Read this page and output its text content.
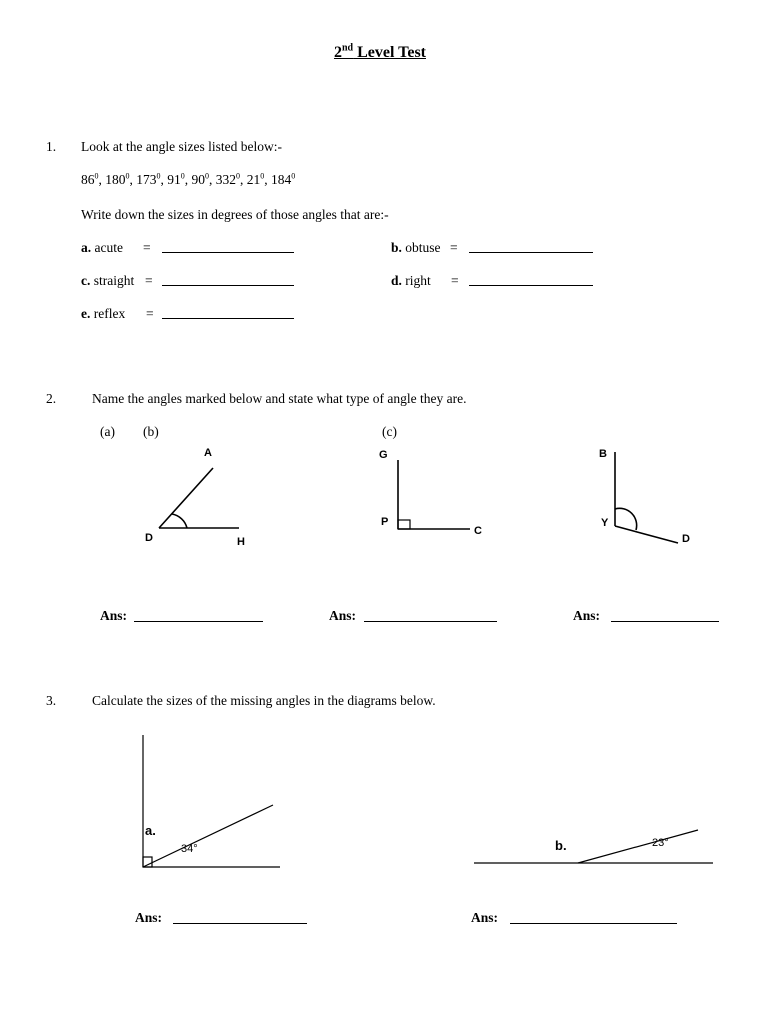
2nd Level Test
1. Look at the angle sizes listed below:-
$86^0$, $180^0$, $173^0$, $91^0$, $90^0$, $332^0$, $21^0$, $184^0$
Write down the sizes in degrees of those angles that are:-
a. acute =	b. obtuse =
c. straight =	d. right =
e. reflex =
2.	Name the angles marked below and state what type of angle they are.
(a) (b)	(c)
A
D	H
G
P
C
B
Y
D
Ans:	Ans:	Ans:
3.	Calculate the sizes of the missing angles in the diagrams below.
a.
34°	b.	23°
Ans:	Ans:
